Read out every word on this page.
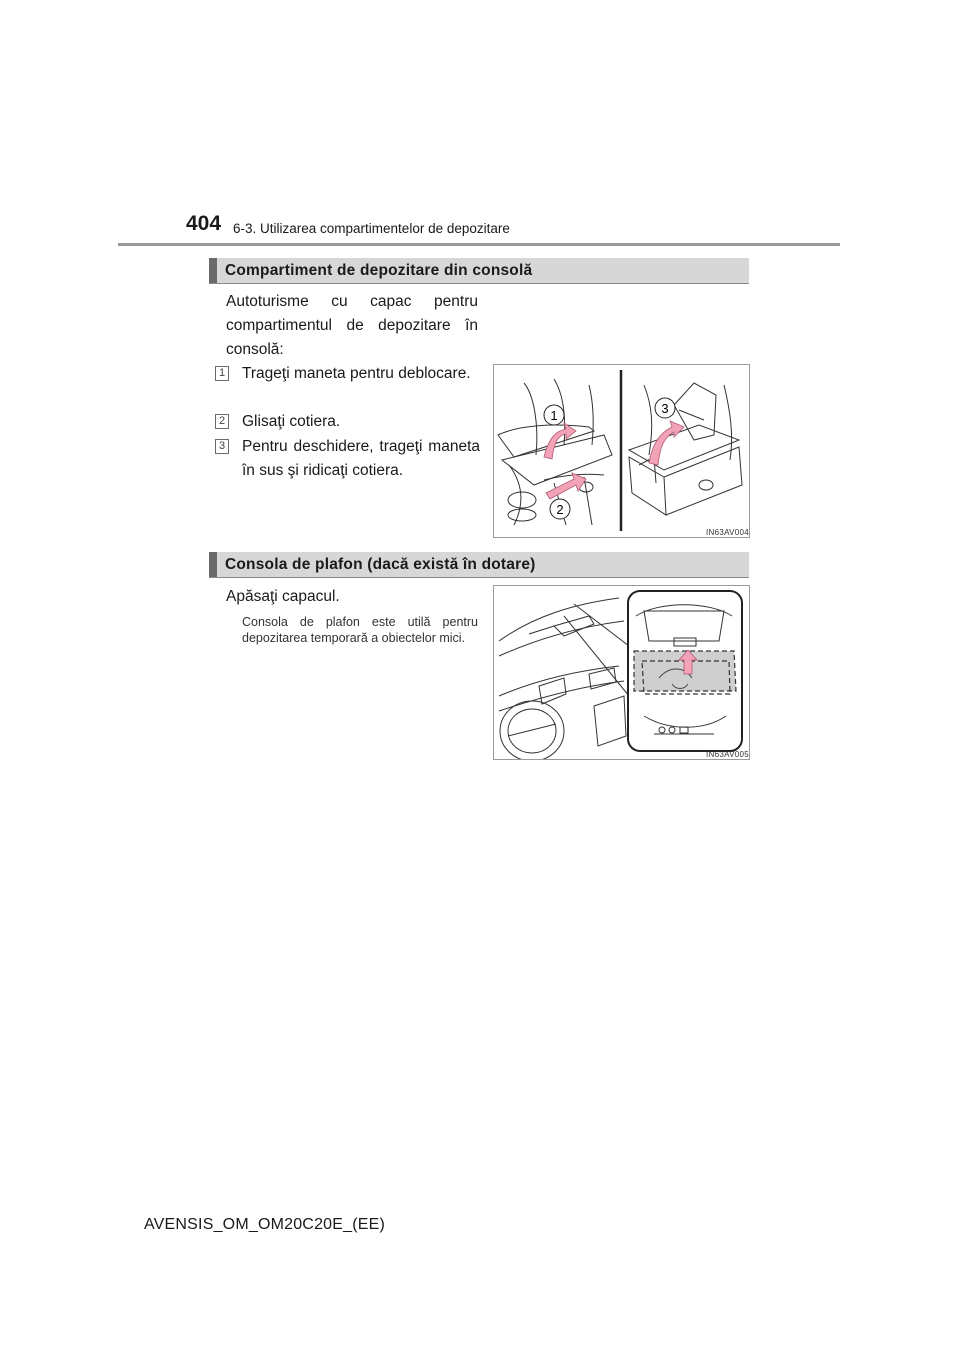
404 6-3. Utilizarea compartimentelor de depozitare
Compartiment de depozitare din consolă
Autoturisme cu capac pentru compartimentul de depozitare în consolă:
1 Trageţi maneta pentru deblocare.
2 Glisaţi cotiera.
3 Pentru deschidere, trageţi maneta în sus şi ridicaţi cotiera.
1
2
3
IN63AV004
Consola de plafon (dacă există în dotare)
Apăsaţi capacul.
Consola de plafon este utilă pentru depozitarea temporară a obiectelor mici.
IN63AV005
AVENSIS_OM_OM20C20E_(EE)
